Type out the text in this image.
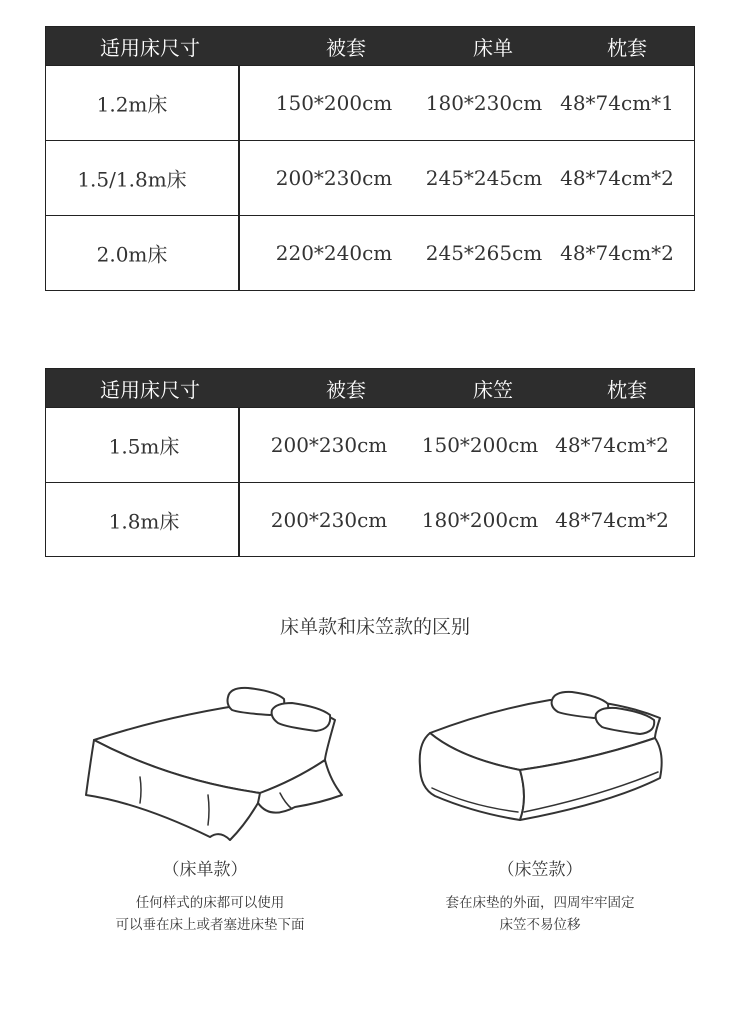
适用床尺寸	被套	床单	枕套
1.2m床	150*200cm 180*230cm 48*74cm*1
1.5/1.8m床	200*230cm 245*245cm 48*74cm*2
2.0m床	220*240cm 245*265cm 48*74cm*2
适用床尺寸	被套	床笠	枕套
1.5m床	200*230cm 150*200cm 48*74cm*2
1.8m床	200*230cm 180*200cm 48*74cm*2
床单款和床笠款的区别
（床单款）	（床笠款）
任何样式的床都可以使用
可以垂在床上或者塞进床垫下面
套在床垫的外面，四周牢牢固定
床笠不易位移
